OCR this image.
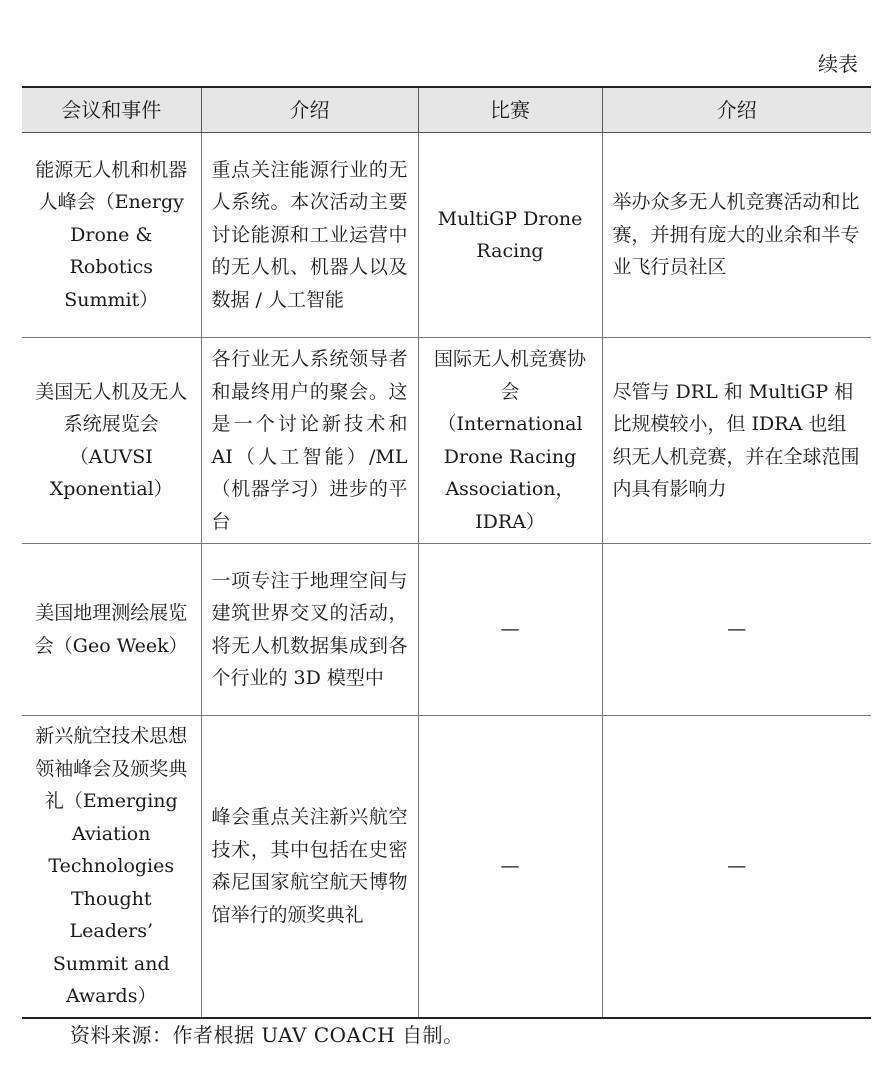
续表
会议和事件	介绍	比赛	介绍
能源无人机和机器人峰会（Energy Drone & Robotics Summit）	重点关注能源行业的无人系统。本次活动主要讨论能源和工业运营中的无人机、机器人以及数据 / 人工智能	MultiGP Drone Racing	举办众多无人机竞赛活动和比赛，并拥有庞大的业余和半专业飞行员社区
美国无人机及无人系统展览会（AUVSI Xponential）	各行业无人系统领导者和最终用户的聚会。这是一个讨论新技术和 AI（人工智能）/ML（机器学习）进步的平台	国际无人机竞赛协会（International Drone Racing Association，IDRA）	尽管与 DRL 和 MultiGP 相比规模较小，但 IDRA 也组织无人机竞赛，并在全球范围内具有影响力
美国地理测绘展览会（Geo Week）	一项专注于地理空间与建筑世界交叉的活动，将无人机数据集成到各个行业的 3D 模型中	—	—
新兴航空技术思想领袖峰会及颁奖典礼（Emerging Aviation Technologies Thought Leaders’ Summit and Awards）	峰会重点关注新兴航空技术，其中包括在史密森尼国家航空航天博物馆举行的颁奖典礼	—	—
资料来源：作者根据 UAV COACH 自制。
